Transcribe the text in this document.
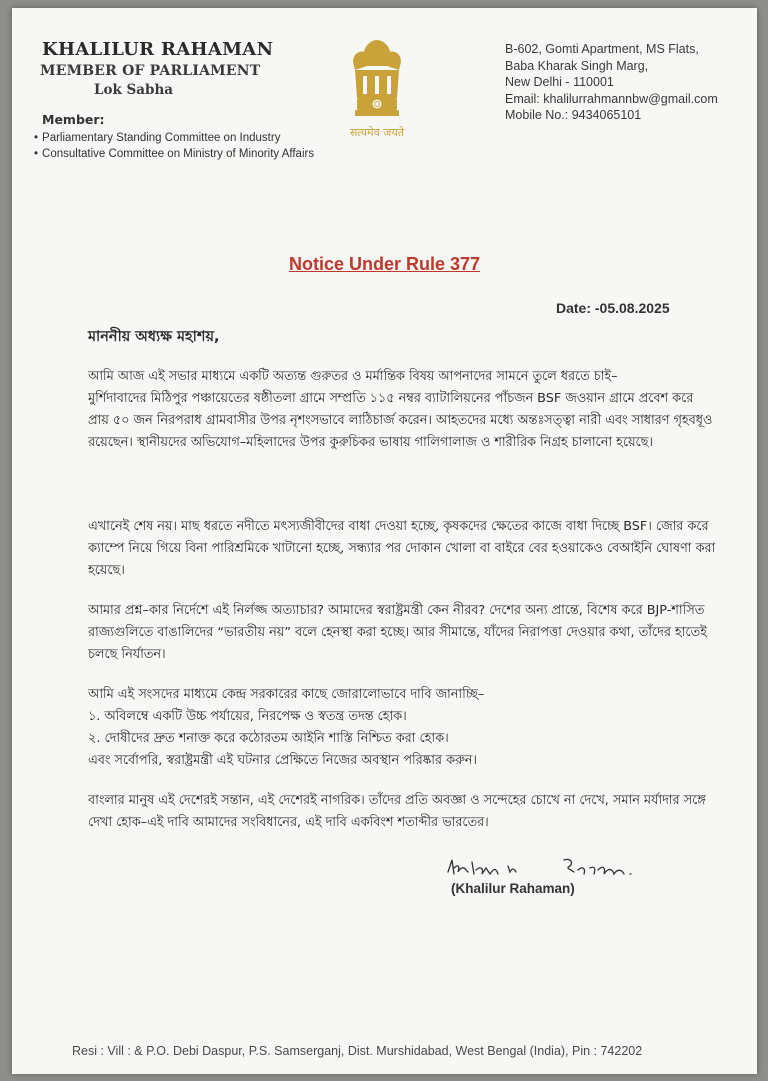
KHALILUR RAHAMAN
MEMBER OF PARLIAMENT
Lok Sabha
Member:
• Parliamentary Standing Committee on Industry
• Consultative Committee on Ministry of Minority Affairs
सत्यमेव जयते
B-602, Gomti Apartment, MS Flats,
Baba Kharak Singh Marg,
New Delhi - 110001
Email: khalilurrahmannbw@gmail.com
Mobile No.: 9434065101
Notice Under Rule 377
Date: -05.08.2025
মাননীয় অধ্যক্ষ মহাশয়,

আমি আজ এই সভার মাধ্যমে একটি অত্যন্ত গুরুতর ও মর্মান্তিক বিষয় আপনাদের সামনে তুলে ধরতে চাই–
মুর্শিদাবাদের মিঠিপুর পঞ্চায়েতের ষষ্ঠীতলা গ্রামে সম্প্রতি ১১৫ নম্বর ব্যাটালিয়নের পাঁচজন BSF জওয়ান গ্রামে প্রবেশ করে প্রায় ৫০ জন নিরপরাধ গ্রামবাসীর উপর নৃশংসভাবে লাঠিচার্জ করেন। আহতদের মধ্যে অন্তঃসত্ত্বা নারী এবং সাধারণ গৃহবধূও রয়েছেন। স্থানীয়দের অভিযোগ–মহিলাদের উপর কুরুচিকর ভাষায় গালিগালাজ ও শারীরিক নিগ্রহ চালানো হয়েছে।

এখানেই শেষ নয়। মাছ ধরতে নদীতে মৎস্যজীবীদের বাধা দেওয়া হচ্ছে, কৃষকদের ক্ষেতের কাজে বাধা দিচ্ছে BSF। জোর করে ক্যাম্পে নিয়ে গিয়ে বিনা পারিশ্রমিকে খাটানো হচ্ছে, সন্ধ্যার পর দোকান খোলা বা বাইরে বের হওয়াকেও বেআইনি ঘোষণা করা হয়েছে।

আমার প্রশ্ন–কার নির্দেশে এই নির্লজ্জ অত্যাচার? আমাদের স্বরাষ্ট্রমন্ত্রী কেন নীরব? দেশের অন্য প্রান্তে, বিশেষ করে BJP-শাসিত রাজ্যগুলিতে বাঙালিদের “ভারতীয় নয়” বলে হেনস্থা করা হচ্ছে। আর সীমান্তে, যাঁদের নিরাপত্তা দেওয়ার কথা, তাঁদের হাতেই চলছে নির্যাতন।

আমি এই সংসদের মাধ্যমে কেন্দ্র সরকারের কাছে জোরালোভাবে দাবি জানাচ্ছি–
১. অবিলম্বে একটি উচ্চ পর্যায়ের, নিরপেক্ষ ও স্বতন্ত্র তদন্ত হোক।
২. দোষীদের দ্রুত শনাক্ত করে কঠোরতম আইনি শাস্তি নিশ্চিত করা হোক।
এবং সর্বোপরি, স্বরাষ্ট্রমন্ত্রী এই ঘটনার প্রেক্ষিতে নিজের অবস্থান পরিষ্কার করুন।

বাংলার মানুষ এই দেশেরই সন্তান, এই দেশেরই নাগরিক। তাঁদের প্রতি অবজ্ঞা ও সন্দেহের চোখে না দেখে, সমান মর্যাদার সঙ্গে দেখা হোক–এই দাবি আমাদের সংবিধানের, এই দাবি একবিংশ শতাব্দীর ভারতের।

(Khalilur Rahaman)
Resi : Vill : & P.O. Debi Daspur, P.S. Samserganj, Dist. Murshidabad, West Bengal (India), Pin : 742202
